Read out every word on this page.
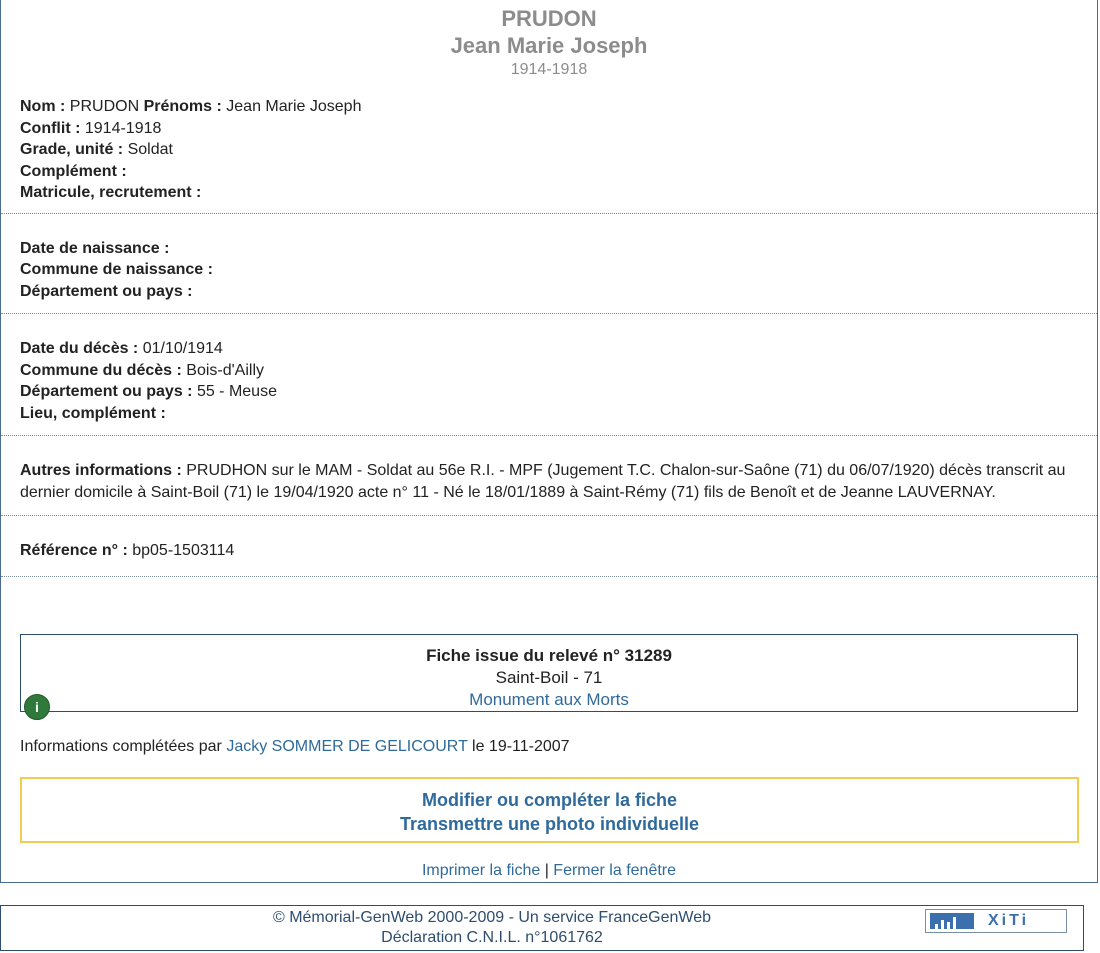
PRUDON
Jean Marie Joseph
1914-1918
Nom : PRUDON Prénoms : Jean Marie Joseph
Conflit : 1914-1918
Grade, unité : Soldat
Complément :
Matricule, recrutement :
Date de naissance :
Commune de naissance :
Département ou pays :
Date du décès : 01/10/1914
Commune du décès : Bois-d'Ailly
Département ou pays : 55 - Meuse
Lieu, complément :
Autres informations : PRUDHON sur le MAM - Soldat au 56e R.I. - MPF (Jugement T.C. Chalon-sur-Saône (71) du 06/07/1920) décès transcrit au dernier domicile à Saint-Boil (71) le 19/04/1920 acte n° 11 - Né le 18/01/1889 à Saint-Rémy (71) fils de Benoît et de Jeanne LAUVERNAY.
Référence n° : bp05-1503114
Fiche issue du relevé n° 31289
Saint-Boil - 71
Monument aux Morts
i
Informations complétées par Jacky SOMMER DE GELICOURT le 19-11-2007
Modifier ou compléter la fiche
Transmettre une photo individuelle
Imprimer la fiche | Fermer la fenêtre
© Mémorial-GenWeb 2000-2009 - Un service FranceGenWeb
Déclaration C.N.I.L. n°1061762
XiTi
